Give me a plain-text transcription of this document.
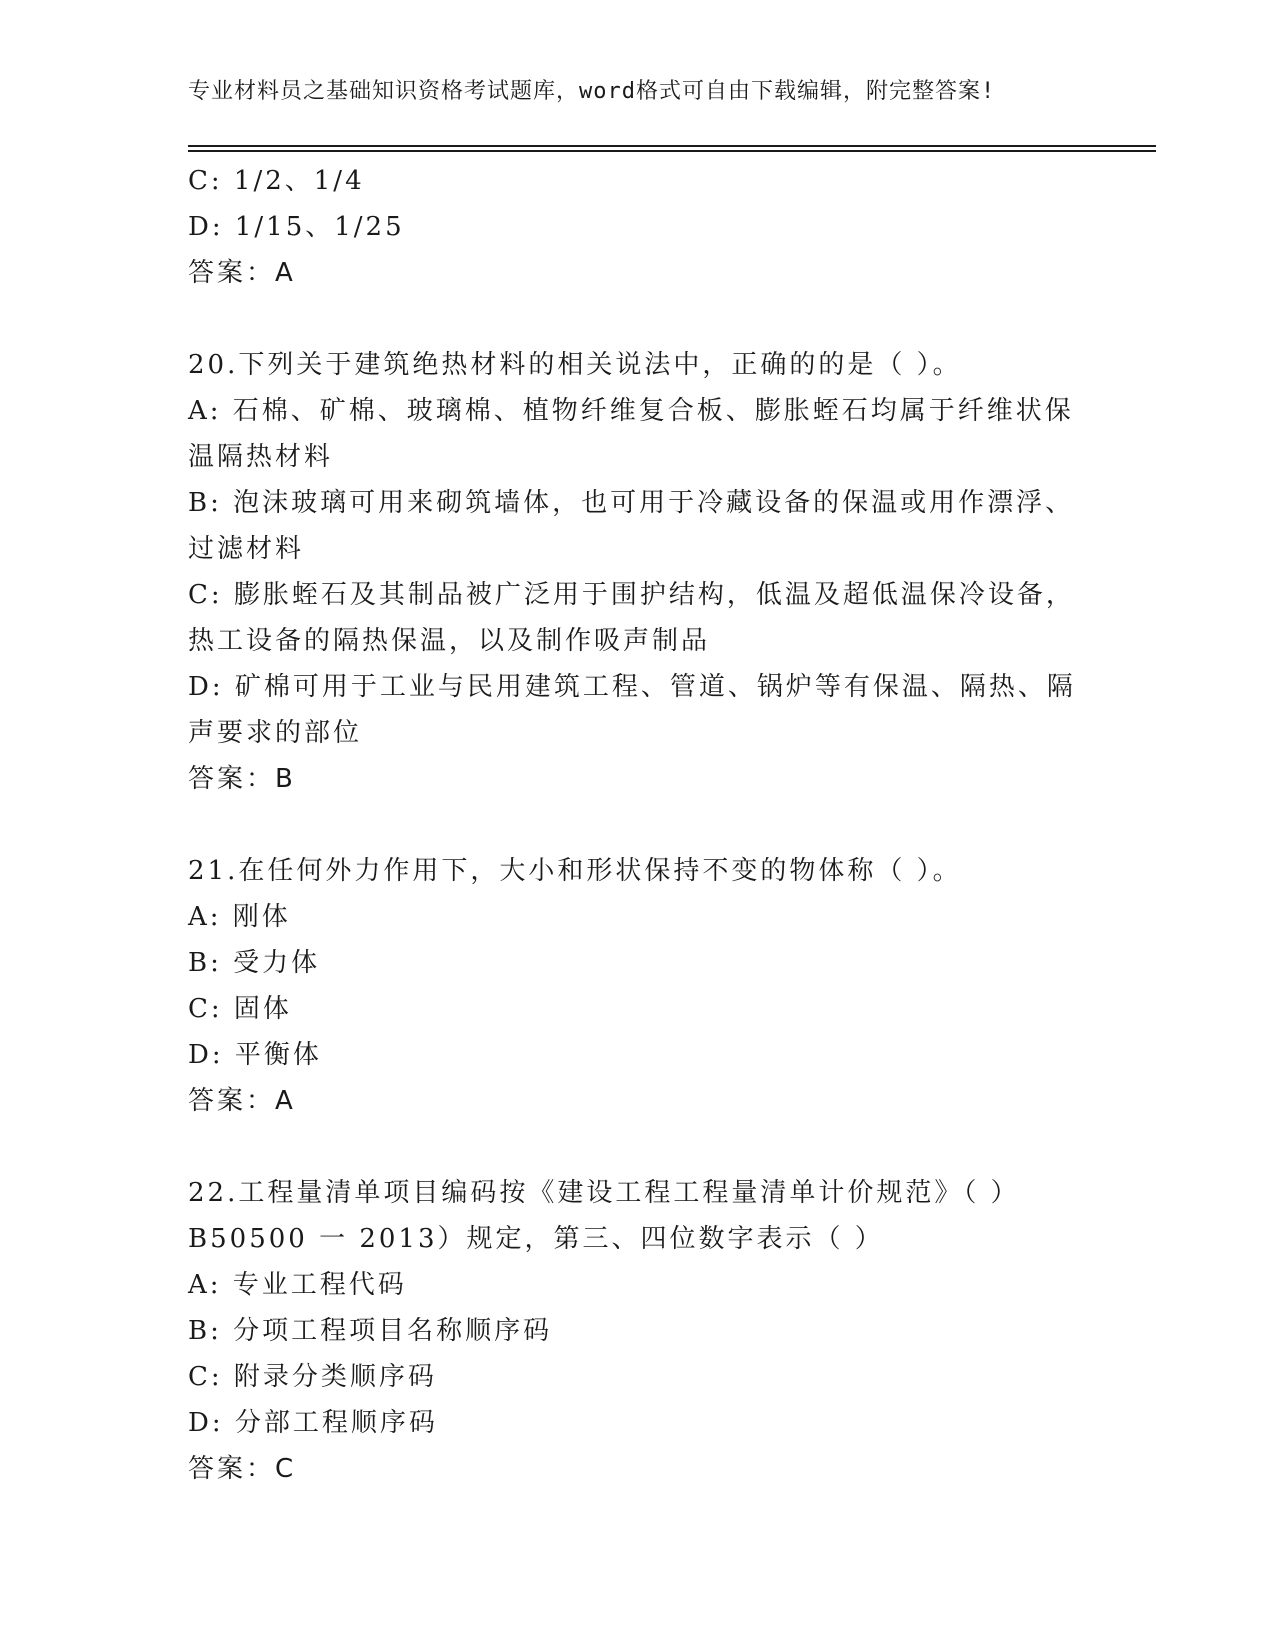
专业材料员之基础知识资格考试题库，word格式可自由下载编辑，附完整答案!
C: 1/2、1/4
D: 1/15、1/25
答案：A
20.下列关于建筑绝热材料的相关说法中，正确的的是（ ）。
A: 石棉、矿棉、玻璃棉、植物纤维复合板、膨胀蛭石均属于纤维状保
温隔热材料
B: 泡沫玻璃可用来砌筑墙体，也可用于冷藏设备的保温或用作漂浮、
过滤材料
C: 膨胀蛭石及其制品被广泛用于围护结构，低温及超低温保冷设备，
热工设备的隔热保温，以及制作吸声制品
D: 矿棉可用于工业与民用建筑工程、管道、锅炉等有保温、隔热、隔
声要求的部位
答案：B
21.在任何外力作用下，大小和形状保持不变的物体称（ ）。
A: 刚体
B: 受力体
C: 固体
D: 平衡体
答案：A
22.工程量清单项目编码按《建设工程工程量清单计价规范》（ ）
B50500 一 2013）规定，第三、四位数字表示（ ）
A: 专业工程代码
B: 分项工程项目名称顺序码
C: 附录分类顺序码
D: 分部工程顺序码
答案：C
